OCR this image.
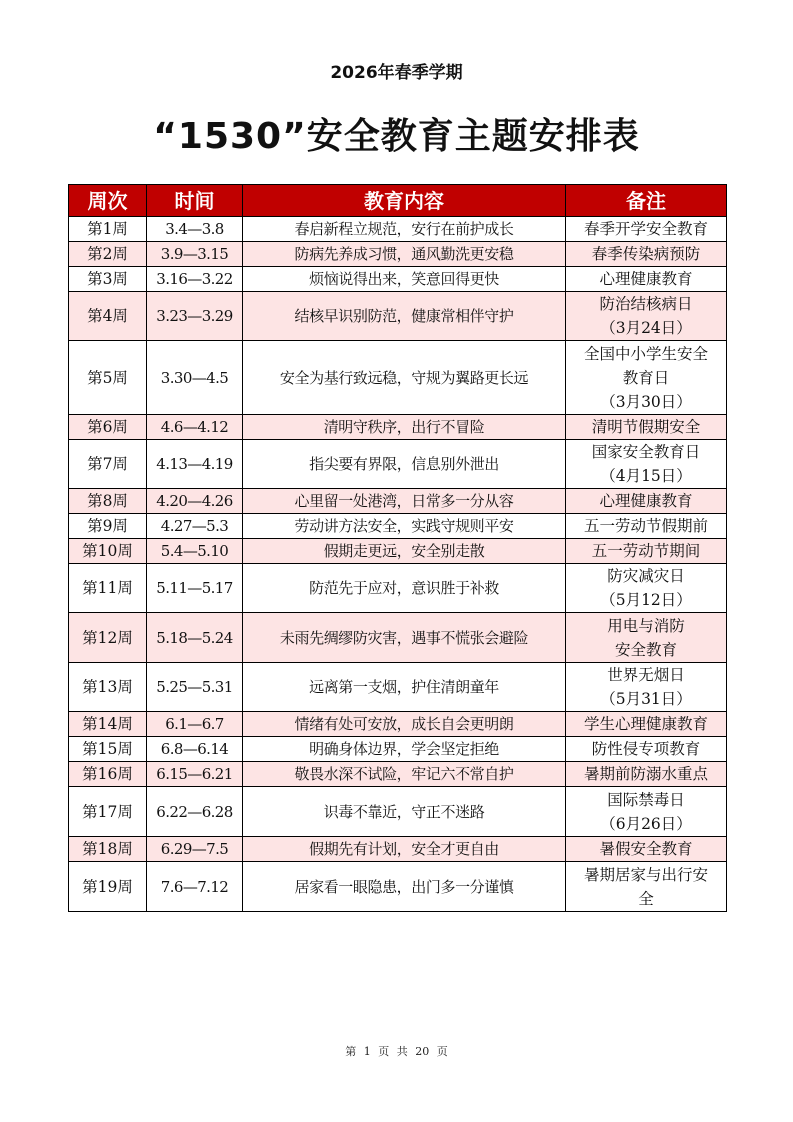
2026年春季学期
“1530”安全教育主题安排表
周次	时间	教育内容	备注
第1周	3.4—3.8	春启新程立规范，安行在前护成长	春季开学安全教育
第2周	3.9—3.15	防病先养成习惯，通风勤洗更安稳	春季传染病预防
第3周	3.16—3.22	烦恼说得出来，笑意回得更快	心理健康教育
第4周	3.23—3.29	结核早识别防范，健康常相伴守护	防治结核病日
（3月24日）
第5周	3.30—4.5	安全为基行致远稳，守规为翼路更长远	全国中小学生安全
教育日
（3月30日）
第6周	4.6—4.12	清明守秩序，出行不冒险	清明节假期安全
第7周	4.13—4.19	指尖要有界限，信息别外泄出	国家安全教育日
（4月15日）
第8周	4.20—4.26	心里留一处港湾，日常多一分从容	心理健康教育
第9周	4.27—5.3	劳动讲方法安全，实践守规则平安	五一劳动节假期前
第10周	5.4—5.10	假期走更远，安全别走散	五一劳动节期间
第11周	5.11—5.17	防范先于应对，意识胜于补救	防灾减灾日
（5月12日）
第12周	5.18—5.24	未雨先绸缪防灾害，遇事不慌张会避险	用电与消防
安全教育
第13周	5.25—5.31	远离第一支烟，护住清朗童年	世界无烟日
（5月31日）
第14周	6.1—6.7	情绪有处可安放，成长自会更明朗	学生心理健康教育
第15周	6.8—6.14	明确身体边界，学会坚定拒绝	防性侵专项教育
第16周	6.15—6.21	敬畏水深不试险，牢记六不常自护	暑期前防溺水重点
第17周	6.22—6.28	识毒不靠近，守正不迷路	国际禁毒日
（6月26日）
第18周	6.29—7.5	假期先有计划，安全才更自由	暑假安全教育
第19周	7.6—7.12	居家看一眼隐患，出门多一分谨慎	暑期居家与出行安
全
第 1 页 共 20 页
